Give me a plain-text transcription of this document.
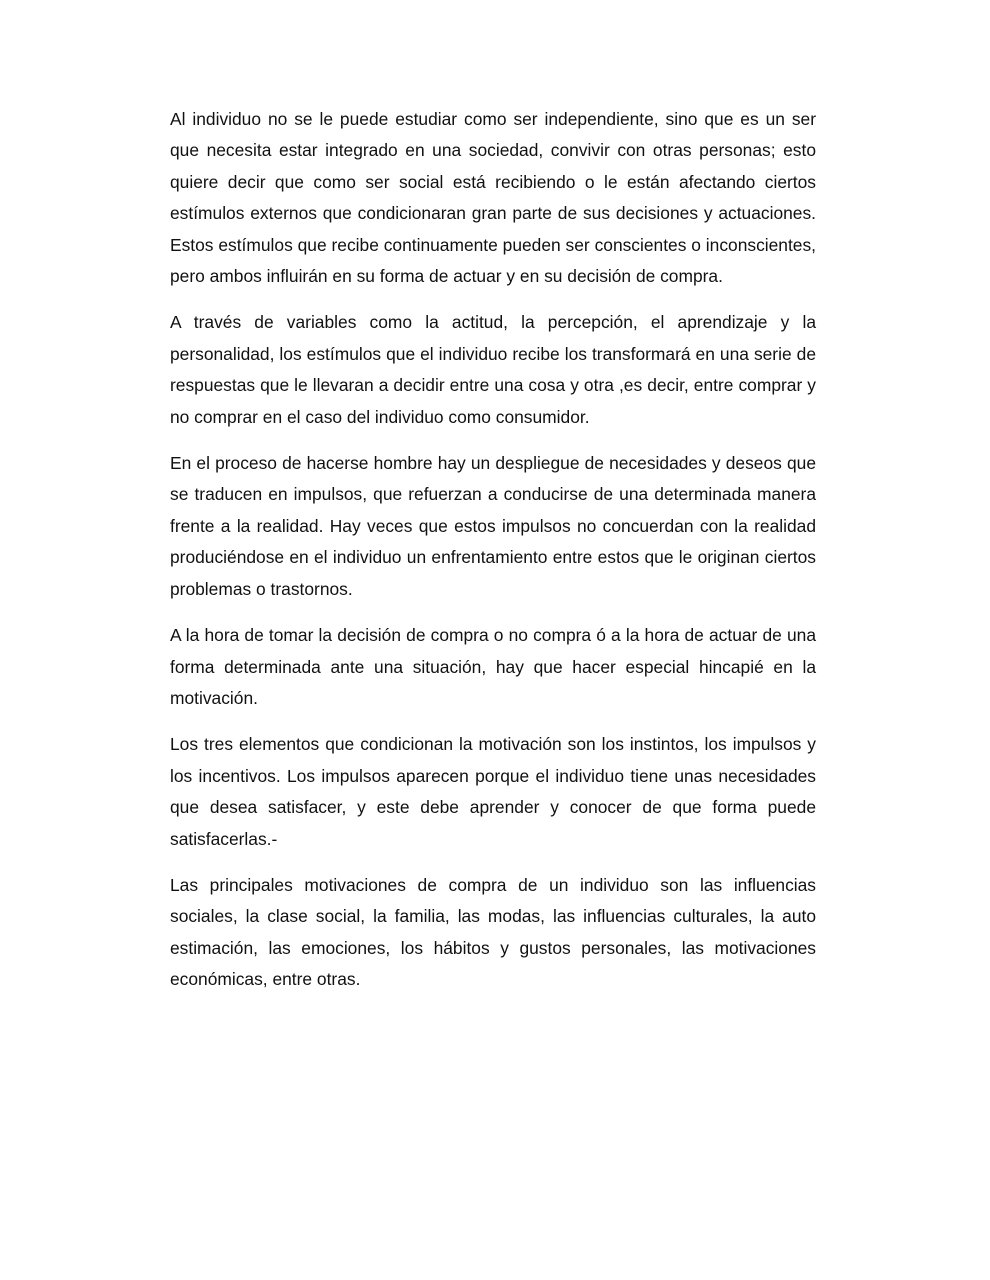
Al individuo no se le puede estudiar como ser independiente, sino que es un ser que necesita estar integrado en una sociedad, convivir con otras personas; esto quiere decir que como ser social está recibiendo o le están afectando ciertos estímulos externos que condicionaran gran parte de sus decisiones y actuaciones. Estos estímulos que recibe continuamente pueden ser conscientes o inconscientes, pero ambos influirán en su forma de actuar y en su decisión de compra.

A través de variables como la actitud, la percepción, el aprendizaje y la personalidad, los estímulos que el individuo recibe los transformará en una serie de respuestas que le llevaran a decidir entre una cosa y otra ,es decir, entre comprar y no comprar en el caso del individuo como consumidor.

En el proceso de hacerse hombre hay un despliegue de necesidades y deseos que se traducen en impulsos, que refuerzan a conducirse de una determinada manera frente a la realidad. Hay veces que estos impulsos no concuerdan con la realidad produciéndose en el individuo un enfrentamiento entre estos que le originan ciertos problemas o trastornos.

A la hora de tomar la decisión de compra o no compra ó a la hora de actuar de una forma determinada ante una situación, hay que hacer especial hincapié en la motivación.

Los tres elementos que condicionan la motivación son los instintos, los impulsos y los incentivos. Los impulsos aparecen porque el individuo tiene unas necesidades que desea satisfacer, y este debe aprender y conocer de que forma puede satisfacerlas.-

Las principales motivaciones de compra de un individuo son las influencias sociales, la clase social, la familia, las modas, las influencias culturales, la auto estimación, las emociones, los hábitos y gustos personales, las motivaciones económicas, entre otras.
